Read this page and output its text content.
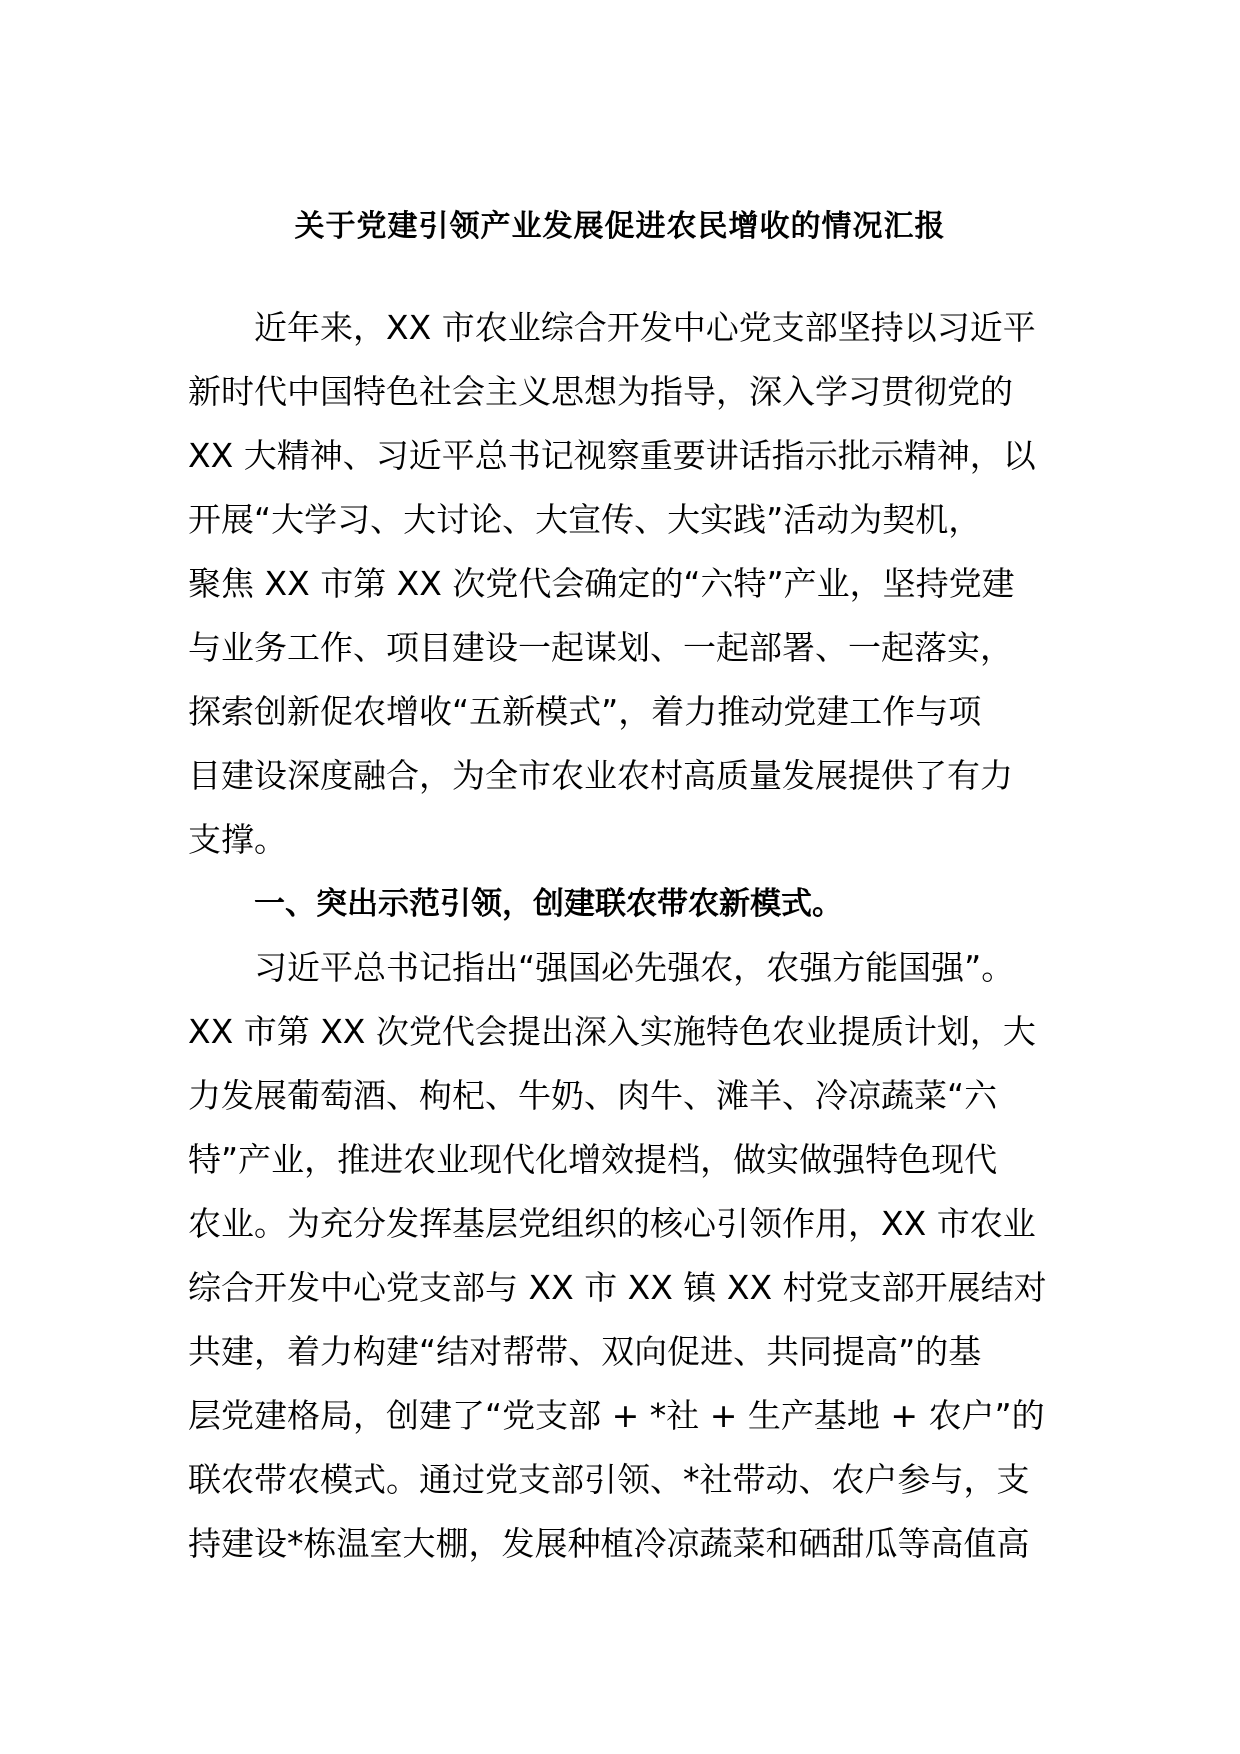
关于党建引领产业发展促进农民增收的情况汇报
近年来，XX 市农业综合开发中心党支部坚持以习近平
新时代中国特色社会主义思想为指导，深入学习贯彻党的
XX 大精神、习近平总书记视察重要讲话指示批示精神，以
开展“大学习、大讨论、大宣传、大实践”活动为契机，
聚焦 XX 市第 XX 次党代会确定的“六特”产业，坚持党建
与业务工作、项目建设一起谋划、一起部署、一起落实，
探索创新促农增收“五新模式”，着力推动党建工作与项
目建设深度融合，为全市农业农村高质量发展提供了有力
支撑。
一、突出示范引领，创建联农带农新模式。
习近平总书记指出“强国必先强农，农强方能国强”。
XX 市第 XX 次党代会提出深入实施特色农业提质计划，大
力发展葡萄酒、枸杞、牛奶、肉牛、滩羊、冷凉蔬菜“六
特”产业，推进农业现代化增效提档，做实做强特色现代
农业。为充分发挥基层党组织的核心引领作用，XX 市农业
综合开发中心党支部与 XX 市 XX 镇 XX 村党支部开展结对
共建，着力构建“结对帮带、双向促进、共同提高”的基
层党建格局，创建了“党支部 + *社 + 生产基地 + 农户”的
联农带农模式。通过党支部引领、*社带动、农户参与，支
持建设*栋温室大棚，发展种植冷凉蔬菜和硒甜瓜等高值高
